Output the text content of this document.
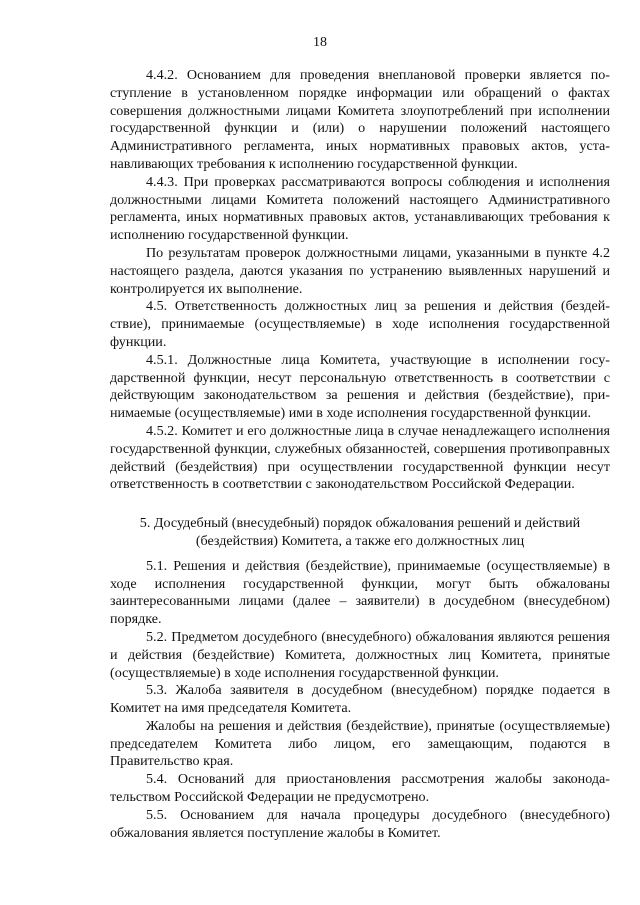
18

4.4.2. Основанием для проведения внеплановой проверки является поступление в установленном порядке информации или обращений о фактах совершения должностными лицами Комитета злоупотреблений при исполнении государственной функции и (или) о нарушении положений настоящего Административного регламента, иных нормативных правовых актов, устанавливающих требования к исполнению государственной функции.

4.4.3. При проверках рассматриваются вопросы соблюдения и исполнения должностными лицами Комитета положений настоящего Административного регламента, иных нормативных правовых актов, устанавливающих требования к исполнению государственной функции.

По результатам проверок должностными лицами, указанными в пункте 4.2 настоящего раздела, даются указания по устранению выявленных нарушений и контролируется их выполнение.

4.5. Ответственность должностных лиц за решения и действия (бездействие), принимаемые (осуществляемые) в ходе исполнения государственной функции.

4.5.1. Должностные лица Комитета, участвующие в исполнении государственной функции, несут персональную ответственность в соответствии с действующим законодательством за решения и действия (бездействие), принимаемые (осуществляемые) ими в ходе исполнения государственной функции.

4.5.2. Комитет и его должностные лица в случае ненадлежащего исполнения государственной функции, служебных обязанностей, совершения противоправных действий (бездействия) при осуществлении государственной функции несут ответственность в соответствии с законодательством Российской Федерации.

5. Досудебный (внесудебный) порядок обжалования решений и действий
(бездействия) Комитета, а также его должностных лиц

5.1. Решения и действия (бездействие), принимаемые (осуществляемые) в ходе исполнения государственной функции, могут быть обжалованы заинтересованными лицами (далее – заявители) в досудебном (внесудебном) порядке.

5.2. Предметом досудебного (внесудебного) обжалования являются решения и действия (бездействие) Комитета, должностных лиц Комитета, принятые (осуществляемые) в ходе исполнения государственной функции.

5.3. Жалоба заявителя в досудебном (внесудебном) порядке подается в Комитет на имя председателя Комитета.

Жалобы на решения и действия (бездействие), принятые (осуществляемые) председателем Комитета либо лицом, его замещающим, подаются в Правительство края.

5.4. Оснований для приостановления рассмотрения жалобы законодательством Российской Федерации не предусмотрено.

5.5. Основанием для начала процедуры досудебного (внесудебного) обжалования является поступление жалобы в Комитет.
